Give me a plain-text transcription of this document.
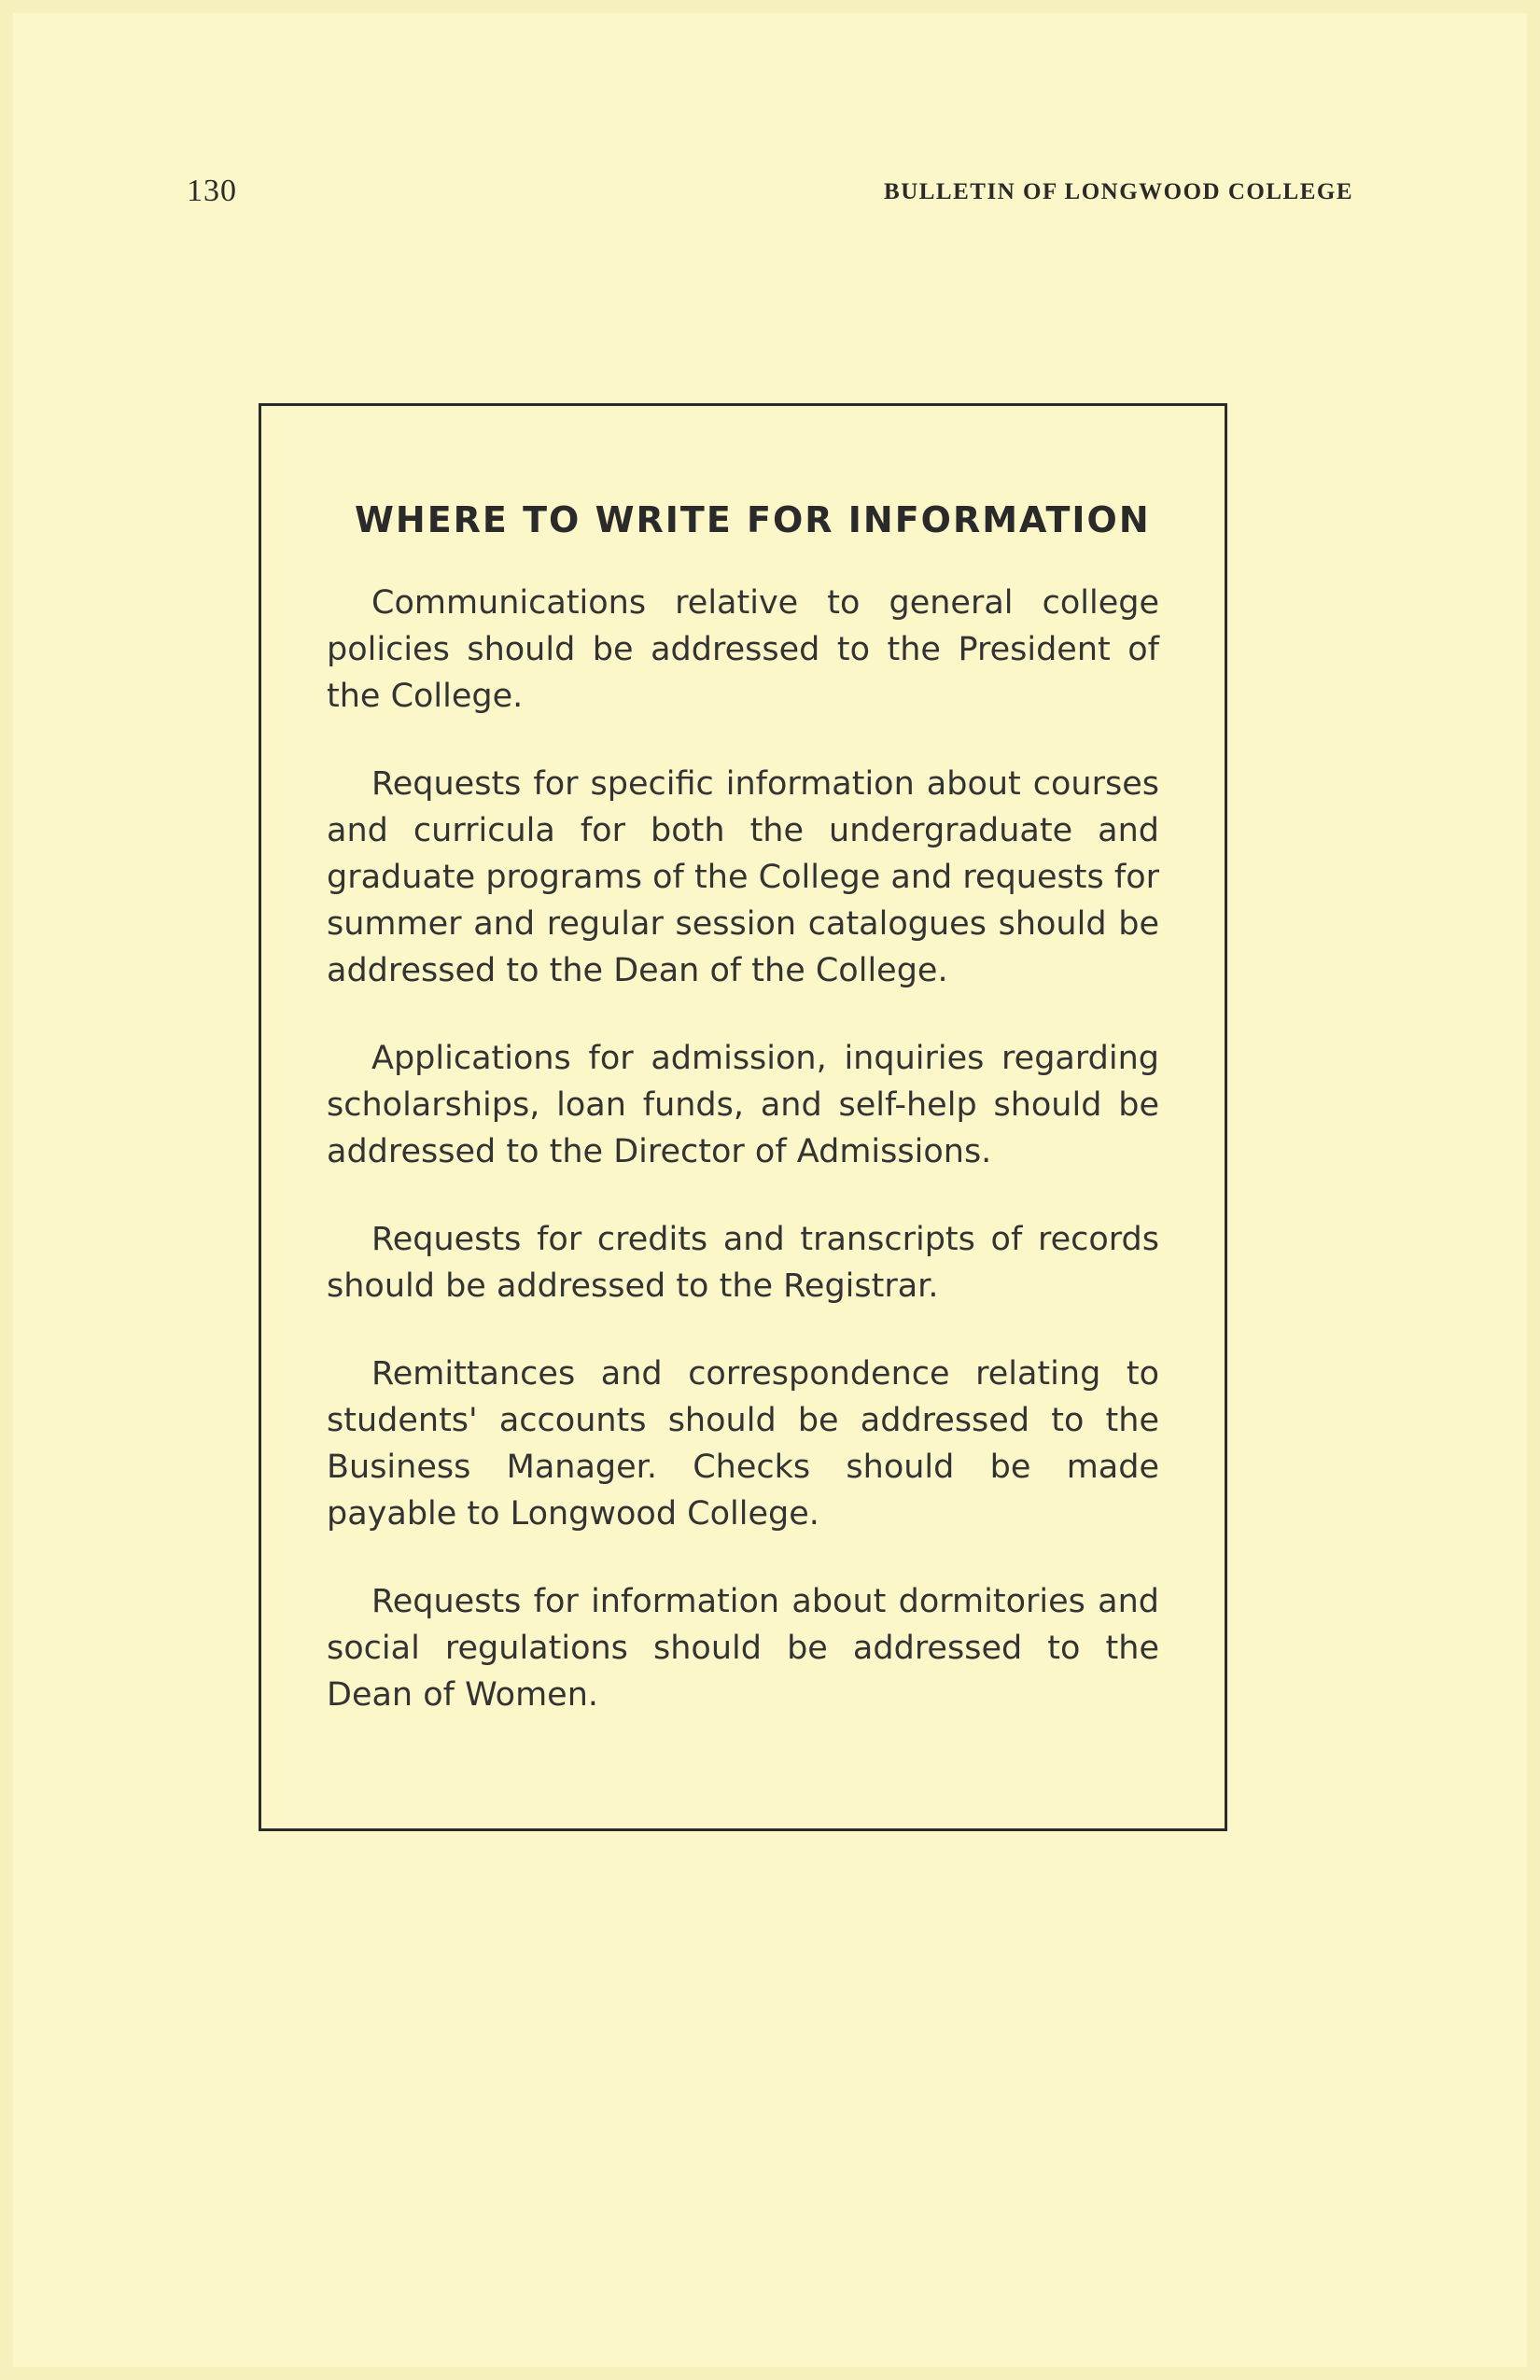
130	BULLETIN OF LONGWOOD COLLEGE
WHERE TO WRITE FOR INFORMATION

Communications relative to general college policies should be addressed to the President of the College.

Requests for specific information about courses and curricula for both the undergraduate and graduate programs of the College and requests for summer and regular session catalogues should be addressed to the Dean of the College.

Applications for admission, inquiries regarding scholarships, loan funds, and self-help should be addressed to the Director of Admissions.

Requests for credits and transcripts of records should be addressed to the Registrar.

Remittances and correspondence relating to students' accounts should be addressed to the Business Manager. Checks should be made payable to Longwood College.

Requests for information about dormitories and social regulations should be addressed to the Dean of Women.
